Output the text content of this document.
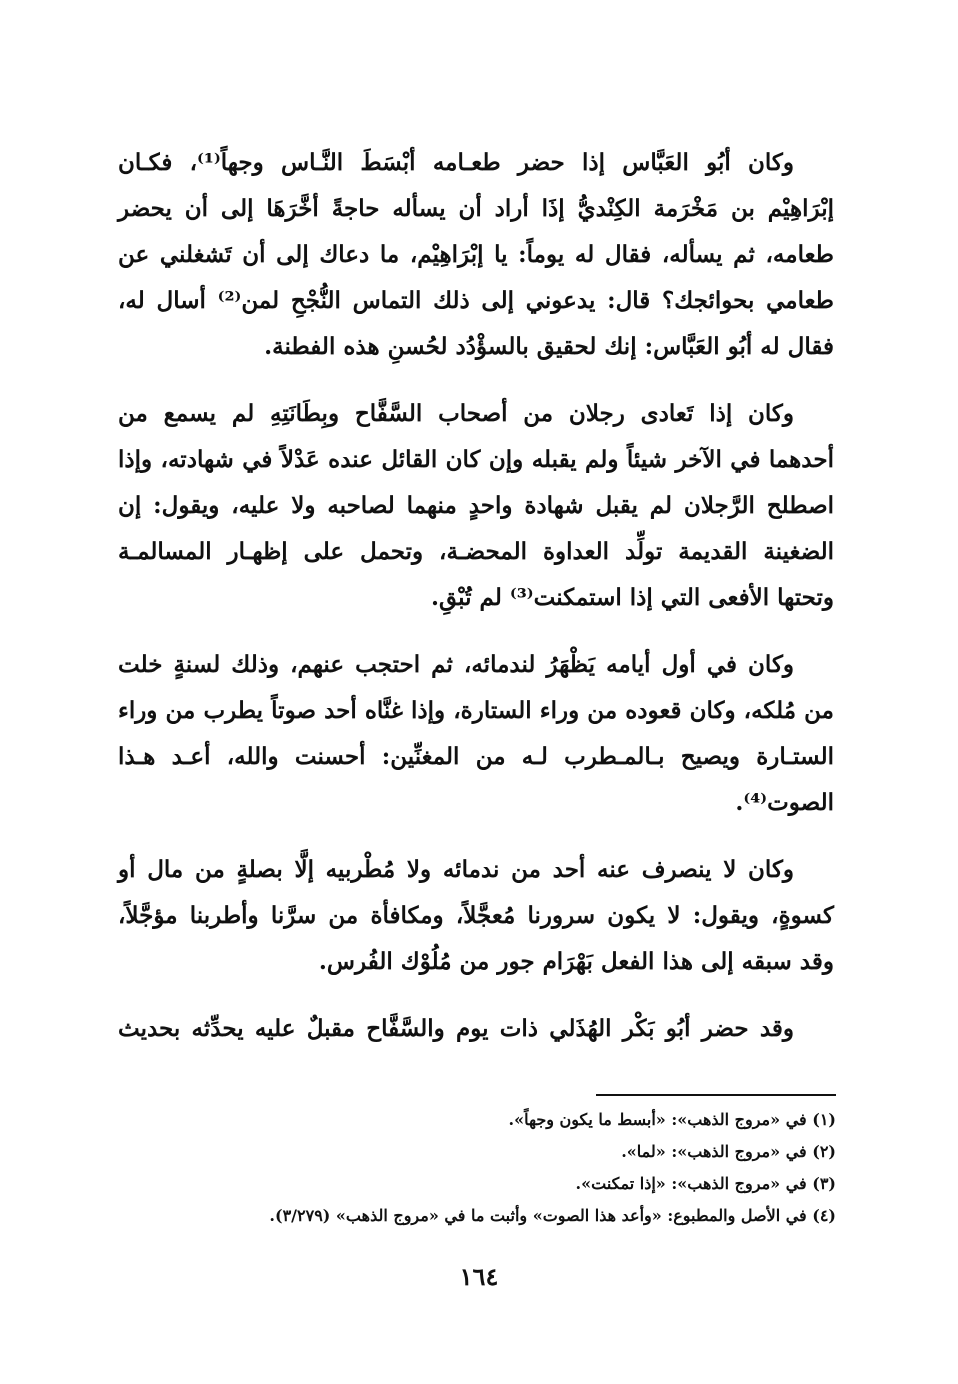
وكان أبُو العَبَّاس إذا حضر طعـامه أبْسَطَ النَّـاس وجهاً⁽¹⁾، فكـان
إبْرَاهِيْم بن مَخْرَمة الكِنْديُّ إذَا أراد أن يسأله حاجةً أخَّرَهَا إلى أن يحضر
طعامه، ثم يسأله، فقال له يوماً: يا إبْرَاهِيْم، ما دعاك إلى أن تَشغلني عن
طعامي بحوائجك؟ قال: يدعوني إلى ذلك التماس النُّجْحِ لمن⁽²⁾ أسال له،
فقال له أبُو العَبَّاس: إنك لحقيق بالسؤْدُد لحُسنِ هذه الفطنة.
وكان إذا تَعادى رجلان من أصحاب السَّفَّاح وبِطَانَتِهِ لم يسمع من
أحدهما في الآخر شيئاً ولم يقبله وإن كان القائل عنده عَدْلاً في شهادته، وإذا
اصطلح الرَّجلان لم يقبل شهادة واحدٍ منهما لصاحبه ولا عليه، ويقول: إن
الضغينة القديمة تولِّد العداوة المحضـة، وتحمل على إظهـار المسالمـة
وتحتها الأفعى التي إذا استمكنت⁽³⁾ لم تُبْقِ.
وكان في أول أيامه يَظْهَرُ لندمائه، ثم احتجب عنهم، وذلك لسنةٍ خلت
من مُلكه، وكان قعوده من وراء الستارة، وإذا غنَّاه أحد صوتاً يطرب من وراء
الستـارة ويصيح بـالمـطرب لـه من المغنِّين: أحسنت والله، أعـد هـذا
الصوت⁽⁴⁾.
وكان لا ينصرف عنه أحد من ندمائه ولا مُطْربيه إلَّا بصلةٍ من مال أو
كسوةٍ، ويقول: لا يكون سرورنا مُعجَّلاً، ومكافأة من سرَّنا وأطربنا مؤجَّلاً،
وقد سبقه إلى هذا الفعل بَهْرَام جور من مُلُوْك الفُرس.
وقد حضر أبُو بَكْر الهُذَلي ذات يوم والسَّفَّاح مقبلٌ عليه يحدِّثه بحديث
(١) في «مروج الذهب»: «أبسط ما يكون وجهاً».
(٢) في «مروج الذهب»: «لما».
(٣) في «مروج الذهب»: «إذا تمكنت».
(٤) في الأصل والمطبوع: «وأعد هذا الصوت» وأثبت ما في «مروج الذهب» (٣/٢٧٩).
١٦٤
